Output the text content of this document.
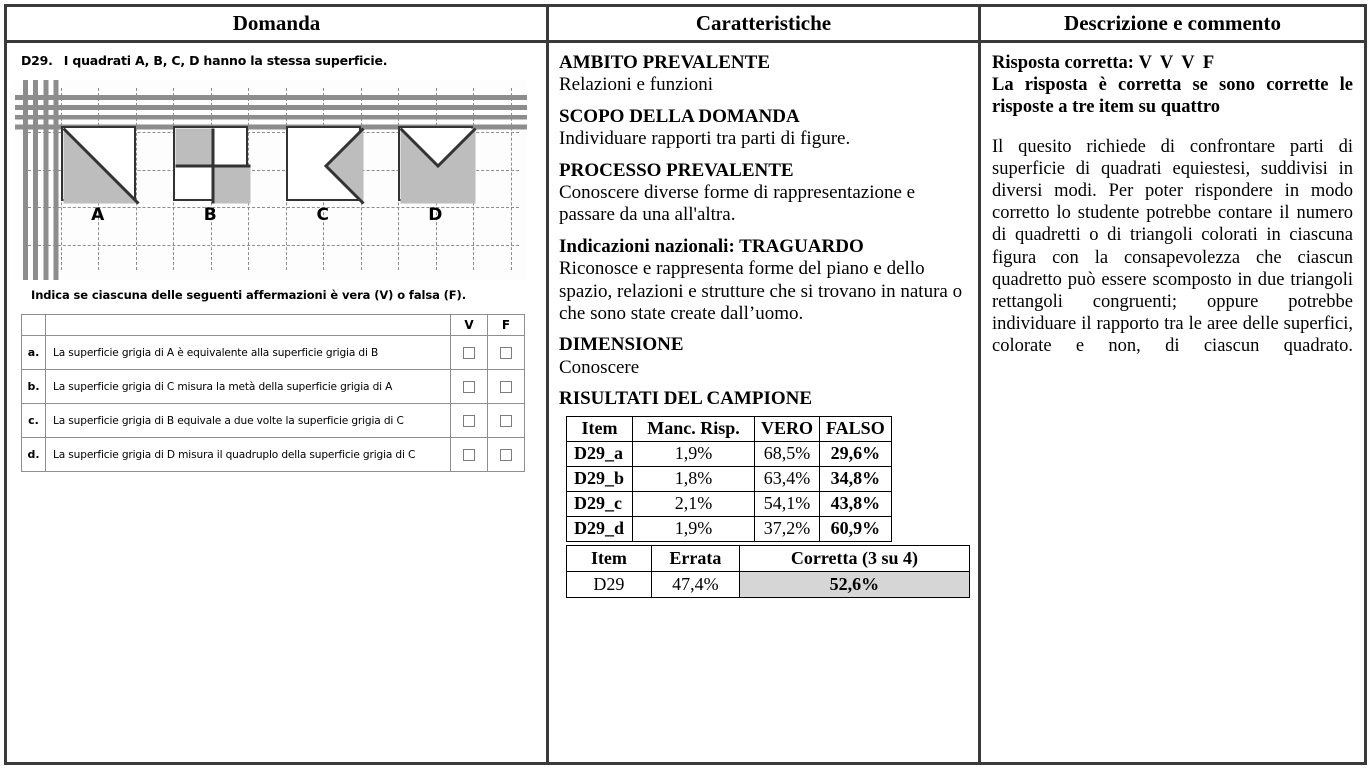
Domanda	Caratteristiche	Descrizione e commento
D29. I quadrati A, B, C, D hanno la stessa superficie.
A	B	C	D
Indica se ciascuna delle seguenti affermazioni è vera (V) o falsa (F).
		V	F
a.	La superficie grigia di A è equivalente alla superficie grigia di B		
b.	La superficie grigia di C misura la metà della superficie grigia di A		
c.	La superficie grigia di B equivale a due volte la superficie grigia di C		
d.	La superficie grigia di D misura il quadruplo della superficie grigia di C		
AMBITO PREVALENTE
Relazioni e funzioni
SCOPO DELLA DOMANDA
Individuare rapporti tra parti di figure.
PROCESSO PREVALENTE
Conoscere diverse forme di rappresentazione e passare da una all'altra.
Indicazioni nazionali: TRAGUARDO
Riconosce e rappresenta forme del piano e dello spazio, relazioni e strutture che si trovano in natura o che sono state create dall’uomo.
DIMENSIONE
Conoscere
RISULTATI DEL CAMPIONE
Item	Manc. Risp.	VERO	FALSO
D29_a	1,9%	68,5%	29,6%
D29_b	1,8%	63,4%	34,8%
D29_c	2,1%	54,1%	43,8%
D29_d	1,9%	37,2%	60,9%
Item	Errata	Corretta (3 su 4)
D29	47,4%	52,6%
Risposta corretta: V V V F
La risposta è corretta se sono corrette le risposte a tre item su quattro
Il quesito richiede di confrontare parti di superficie di quadrati equiestesi, suddivisi in diversi modi. Per poter rispondere in modo corretto lo studente potrebbe contare il numero di quadretti o di triangoli colorati in ciascuna figura con la consapevolezza che ciascun quadretto può essere scomposto in due triangoli rettangoli congruenti; oppure potrebbe individuare il rapporto tra le aree delle superfici, colorate e non, di ciascun quadrato.
